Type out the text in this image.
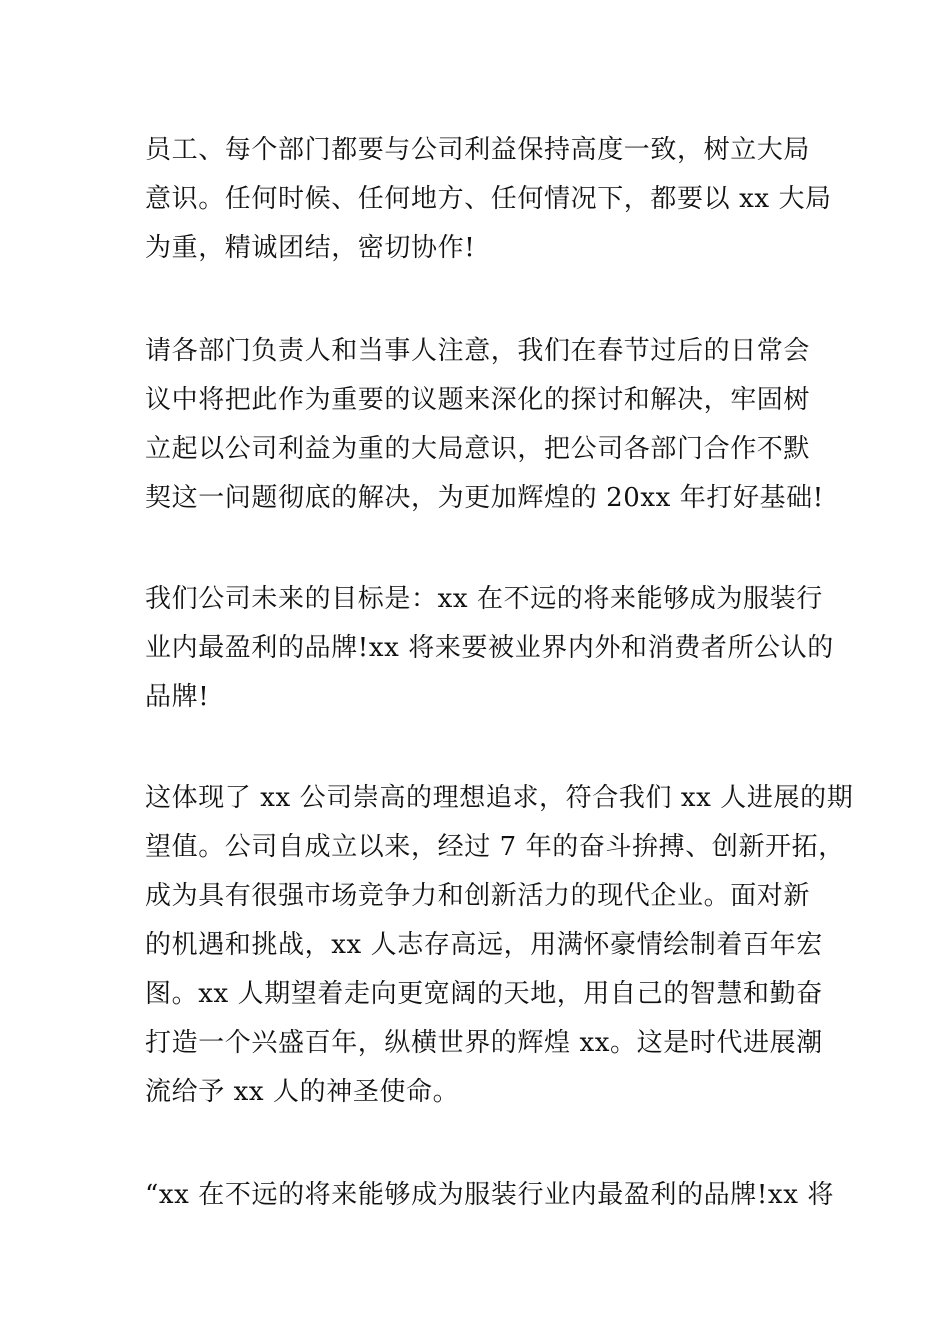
员工、每个部门都要与公司利益保持高度一致，树立大局
意识。任何时候、任何地方、任何情况下，都要以 xx 大局
为重，精诚团结，密切协作!
请各部门负责人和当事人注意，我们在春节过后的日常会
议中将把此作为重要的议题来深化的探讨和解决，牢固树
立起以公司利益为重的大局意识，把公司各部门合作不默
契这一问题彻底的解决，为更加辉煌的 20xx 年打好基础!
我们公司未来的目标是：xx 在不远的将来能够成为服装行
业内最盈利的品牌!xx 将来要被业界内外和消费者所公认的
品牌!
这体现了 xx 公司崇高的理想追求，符合我们 xx 人进展的期
望值。公司自成立以来，经过 7 年的奋斗拚搏、创新开拓，
成为具有很强市场竞争力和创新活力的现代企业。面对新
的机遇和挑战，xx 人志存高远，用满怀豪情绘制着百年宏
图。xx 人期望着走向更宽阔的天地，用自己的智慧和勤奋
打造一个兴盛百年，纵横世界的辉煌 xx。这是时代进展潮
流给予 xx 人的神圣使命。
“xx 在不远的将来能够成为服装行业内最盈利的品牌!xx 将
